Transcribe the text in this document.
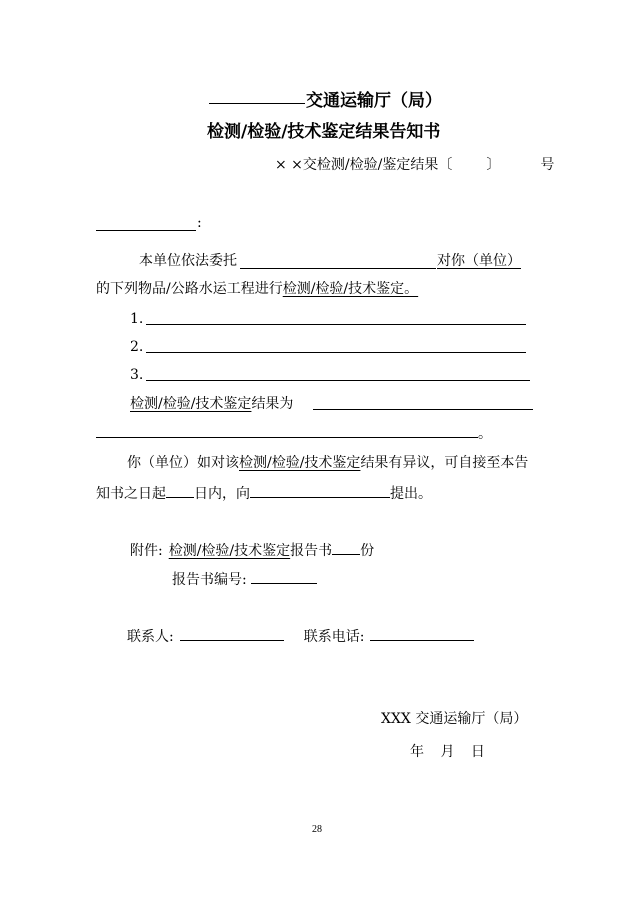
交通运输厅（局）
检测/检验/技术鉴定结果告知书
× ×交检测/检验/鉴定结果〔 〕	号
:
本单位依法委托	对你（单位）
的下列物品/公路水运工程进行检测/检验/技术鉴定。
1.
2.
3.
检测/检验/技术鉴定结果为
。
你（单位）如对该检测/检验/技术鉴定结果有异议，可自接至本告
知书之日起 日内，向	提出。
附件: 检测/检验/技术鉴定报告书 份
报告书编号:
联系人:	联系电话:
XXX 交通运输厅（局）
年 月 日
28
